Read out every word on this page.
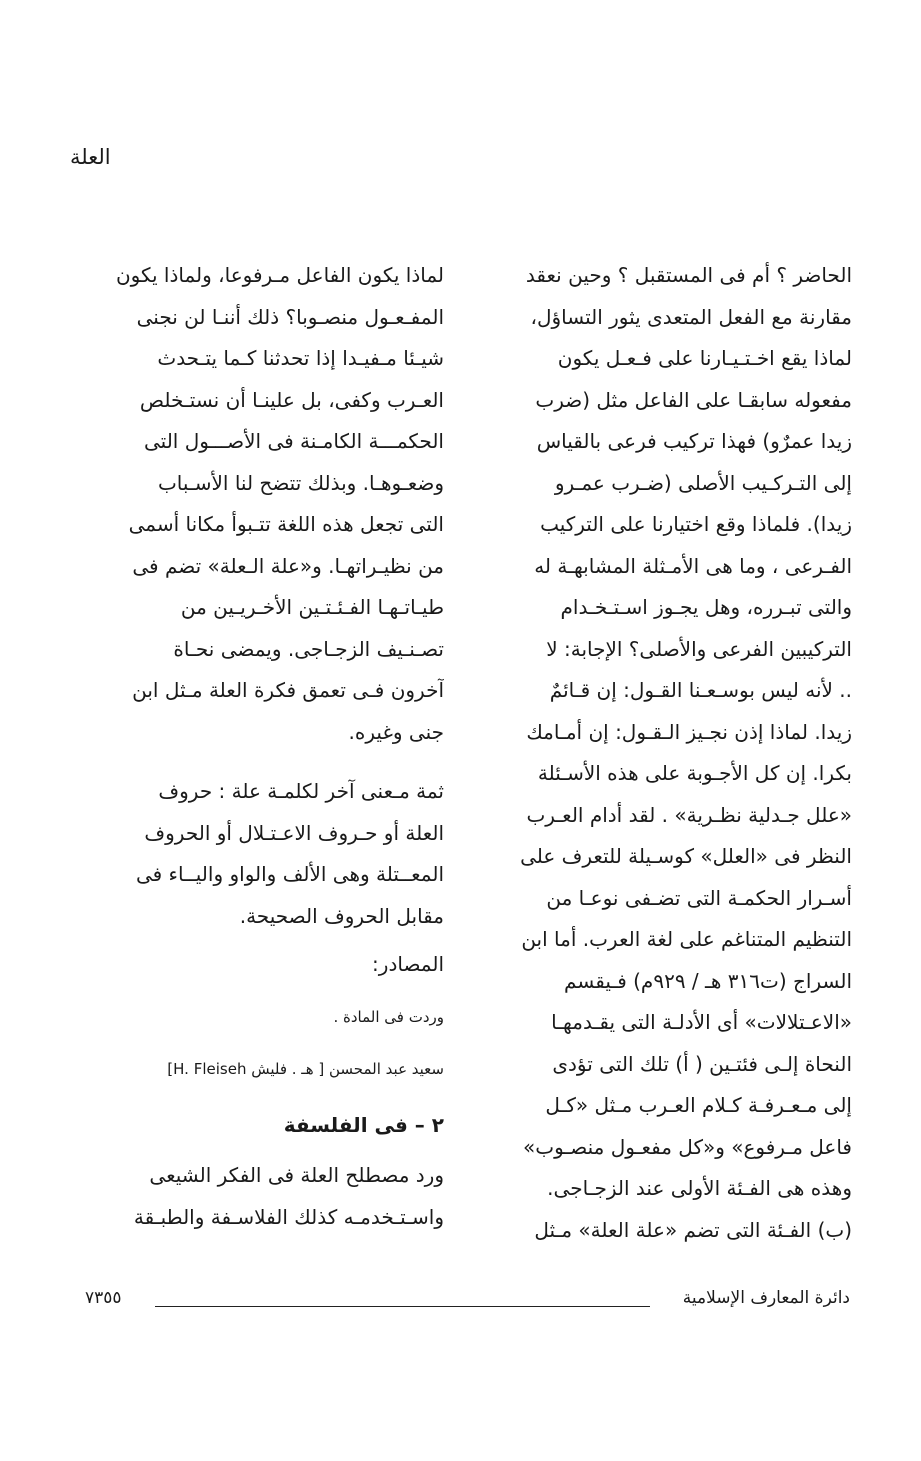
العلة
الحاضر ؟ أم فى المستقبل ؟ وحين نعقد
مقارنة مع الفعل المتعدى يثور التساؤل،
لماذا يقع اخـتـيـارنا على فـعـل يكون
مفعوله سابقـا على الفاعل مثل (ضرب
زيدا عمرٌو) فهذا تركيب فرعى بالقياس
إلى التـركـيب الأصلى (ضـرب عمـرو
زيدا). فلماذا وقع اختيارنا على التركيب
الفـرعى ، وما هى الأمـثلة المشابهـة له
والتى تبـرره، وهل يجـوز اسـتـخـدام
التركيبين الفرعى والأصلى؟ الإجابة: لا
.. لأنه ليس بوسـعـنا القـول: إن قـائمٌ
زيدا. لماذا إذن نجـيز الـقـول: إن أمـامك
بكرا. إن كل الأجـوبة على هذه الأسـئلة
«علل جـدلية نظـرية» . لقد أدام العـرب
النظر فى «العلل» كوسـيلة للتعرف على
أسـرار الحكمـة التى تضـفى نوعـا من
التنظيم المتناغم على لغة العرب. أما ابن
السراج (ت٣١٦ هـ / ٩٢٩م) فـيقسم
«الاعـتلالات» أى الأدلـة التى يقـدمهـا
النحاة إلـى فئتـين ( أ) تلك التى تؤدى
إلى مـعـرفـة كـلام العـرب مـثل «كـل
فاعل مـرفوع» و«كل مفعـول منصـوب»
وهذه هى الفـئة الأولى عند الزجـاجى.
(ب) الفـئة التى تضم «علة العلة» مـثل
لماذا يكون الفاعل مـرفوعا، ولماذا يكون
المفـعـول منصـوبا؟ ذلك أننـا لن نجنى
شيـئا مـفيـدا إذا تحدثنا كـما يتـحدث
العـرب وكفى، بل علينـا أن نستـخلص
الحكمـــة الكامـنة فى الأصـــول التى
وضعـوهـا. وبذلك تتضح لنا الأسـباب
التى تجعل هذه اللغة تتـبوأ مكانا أسمى
من نظيـراتهـا. و«علة الـعلة» تضم فى
طيـاتـهـا الفـئـتـين الأخـريـين من
تصـنـيف الزجـاجى. ويمضى نحـاة
آخرون فـى تعمق فكرة العلة مـثل ابن
جنى وغيره.
ثمة مـعنى آخر لكلمـة علة : حروف
العلة أو حـروف الاعـتـلال أو الحروف
المعــتلة وهى الألف والواو واليــاء فى
مقابل الحروف الصحيحة.
المصادر:
وردت فى المادة .
سعيد عبد المحسن [ هـ . فليش H. Fleiseh]
٢ – فى الفلسفة
ورد مصطلح العلة فى الفكر الشيعى
واسـتـخدمـه كذلك الفلاسـفة والطبـقة
دائرة المعارف الإسلامية
٧٣٥٥
